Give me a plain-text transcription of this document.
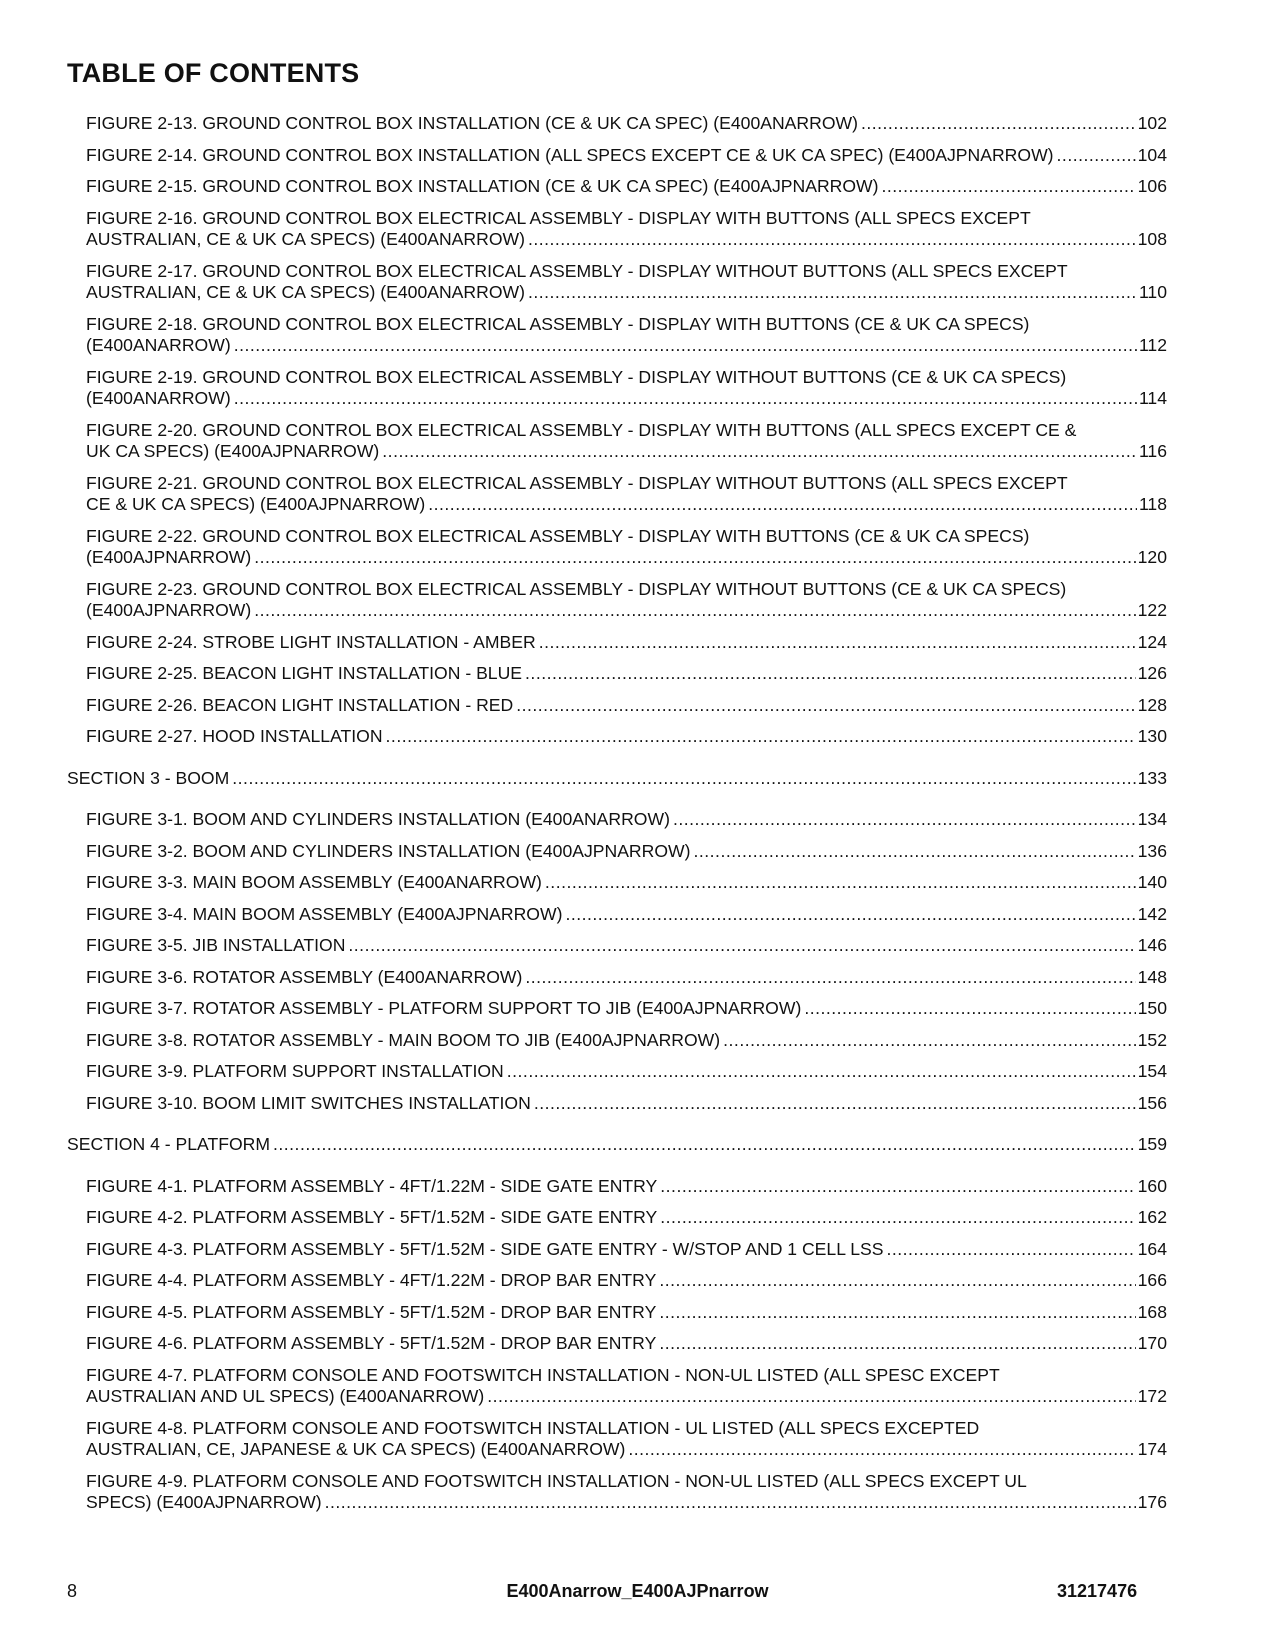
TABLE OF CONTENTS
FIGURE 2-13. GROUND CONTROL BOX INSTALLATION (CE & UK CA SPEC) (E400ANARROW) .....	102
FIGURE 2-14. GROUND CONTROL BOX INSTALLATION (ALL SPECS EXCEPT CE & UK CA SPEC) (E400AJPNARROW) .....	104
FIGURE 2-15. GROUND CONTROL BOX INSTALLATION (CE & UK CA SPEC) (E400AJPNARROW) .....	106
FIGURE 2-16. GROUND CONTROL BOX ELECTRICAL ASSEMBLY - DISPLAY WITH BUTTONS (ALL SPECS EXCEPT
AUSTRALIAN, CE & UK CA SPECS) (E400ANARROW) .....	108
FIGURE 2-17. GROUND CONTROL BOX ELECTRICAL ASSEMBLY - DISPLAY WITHOUT BUTTONS (ALL SPECS EXCEPT
AUSTRALIAN, CE & UK CA SPECS) (E400ANARROW) .....	110
FIGURE 2-18. GROUND CONTROL BOX ELECTRICAL ASSEMBLY - DISPLAY WITH BUTTONS (CE & UK CA SPECS)
(E400ANARROW) .....	112
FIGURE 2-19. GROUND CONTROL BOX ELECTRICAL ASSEMBLY - DISPLAY WITHOUT BUTTONS (CE & UK CA SPECS)
(E400ANARROW) .....	114
FIGURE 2-20. GROUND CONTROL BOX ELECTRICAL ASSEMBLY - DISPLAY WITH BUTTONS (ALL SPECS EXCEPT CE &
UK CA SPECS) (E400AJPNARROW) .....	116
FIGURE 2-21. GROUND CONTROL BOX ELECTRICAL ASSEMBLY - DISPLAY WITHOUT BUTTONS (ALL SPECS EXCEPT
CE & UK CA SPECS) (E400AJPNARROW) .....	118
FIGURE 2-22. GROUND CONTROL BOX ELECTRICAL ASSEMBLY - DISPLAY WITH BUTTONS (CE & UK CA SPECS)
(E400AJPNARROW) .....	120
FIGURE 2-23. GROUND CONTROL BOX ELECTRICAL ASSEMBLY - DISPLAY WITHOUT BUTTONS (CE & UK CA SPECS)
(E400AJPNARROW) .....	122
FIGURE 2-24. STROBE LIGHT INSTALLATION - AMBER .....	124
FIGURE 2-25. BEACON LIGHT INSTALLATION - BLUE .....	126
FIGURE 2-26. BEACON LIGHT INSTALLATION - RED .....	128
FIGURE 2-27. HOOD INSTALLATION .....	130
SECTION 3 - BOOM .....	133
FIGURE 3-1. BOOM AND CYLINDERS INSTALLATION (E400ANARROW) .....	134
FIGURE 3-2. BOOM AND CYLINDERS INSTALLATION (E400AJPNARROW) .....	136
FIGURE 3-3. MAIN BOOM ASSEMBLY (E400ANARROW) .....	140
FIGURE 3-4. MAIN BOOM ASSEMBLY (E400AJPNARROW) .....	142
FIGURE 3-5. JIB INSTALLATION .....	146
FIGURE 3-6. ROTATOR ASSEMBLY (E400ANARROW) .....	148
FIGURE 3-7. ROTATOR ASSEMBLY - PLATFORM SUPPORT TO JIB (E400AJPNARROW) .....	150
FIGURE 3-8. ROTATOR ASSEMBLY - MAIN BOOM TO JIB (E400AJPNARROW) .....	152
FIGURE 3-9. PLATFORM SUPPORT INSTALLATION .....	154
FIGURE 3-10. BOOM LIMIT SWITCHES INSTALLATION .....	156
SECTION 4 - PLATFORM .....	159
FIGURE 4-1. PLATFORM ASSEMBLY - 4FT/1.22M - SIDE GATE ENTRY .....	160
FIGURE 4-2. PLATFORM ASSEMBLY - 5FT/1.52M - SIDE GATE ENTRY .....	162
FIGURE 4-3. PLATFORM ASSEMBLY - 5FT/1.52M - SIDE GATE ENTRY - W/STOP AND 1 CELL LSS .....	164
FIGURE 4-4. PLATFORM ASSEMBLY - 4FT/1.22M - DROP BAR ENTRY .....	166
FIGURE 4-5. PLATFORM ASSEMBLY - 5FT/1.52M - DROP BAR ENTRY .....	168
FIGURE 4-6. PLATFORM ASSEMBLY - 5FT/1.52M - DROP BAR ENTRY .....	170
FIGURE 4-7. PLATFORM CONSOLE AND FOOTSWITCH INSTALLATION - NON-UL LISTED (ALL SPESC EXCEPT
AUSTRALIAN AND UL SPECS) (E400ANARROW) .....	172
FIGURE 4-8. PLATFORM CONSOLE AND FOOTSWITCH INSTALLATION - UL LISTED (ALL SPECS EXCEPTED
AUSTRALIAN, CE, JAPANESE & UK CA SPECS) (E400ANARROW) .....	174
FIGURE 4-9. PLATFORM CONSOLE AND FOOTSWITCH INSTALLATION - NON-UL LISTED (ALL SPECS EXCEPT UL
SPECS) (E400AJPNARROW) .....	176
8	E400Anarrow_E400AJPnarrow	31217476
